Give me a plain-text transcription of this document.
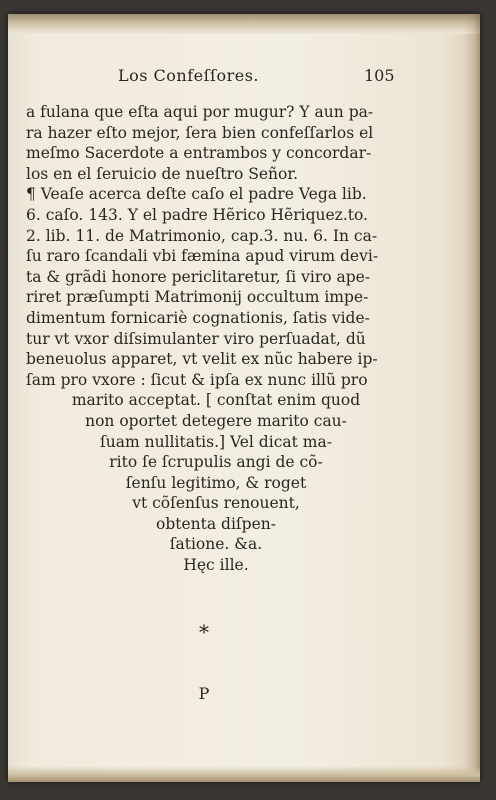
Los Confeſſores.	105
a fulana que eſta aqui por mugur? Y aun pa-
ra hazer eſto mejor, ſera bien confeſſarlos el
meſmo Sacerdote a entrambos y concordar-
los en el ſeruicio de nueſtro Señor.
¶ Veaſe acerca deſte caſo el padre Vega lib.
6. caſo. 143. Y el padre Hẽrico Hẽriquez.to.
2. lib. 11. de Matrimonio, cap.3. nu. 6. In ca-
ſu raro ſcandali vbi fæmina apud virum devi-
ta & grãdi honore periclitaretur, ſi viro ape-
riret præſumpti Matrimonij occultum impe-
dimentum fornicariè cognationis, ſatis vide-
tur vt vxor diſsimulanter viro perſuadat, dũ
beneuolus apparet, vt velit ex nũc habere ip-
ſam pro vxore : ſicut & ipſa ex nunc illũ pro
marito acceptat. [ conſtat enim quod
non oportet detegere marito cau-
ſuam nullitatis.] Vel dicat ma-
rito ſe ſcrupulis angi de cõ-
ſenſu legitimo, & roget
vt cõſenſus renouent,
obtenta diſpen-
ſatione. &a.
Hęc ille.
*
P
